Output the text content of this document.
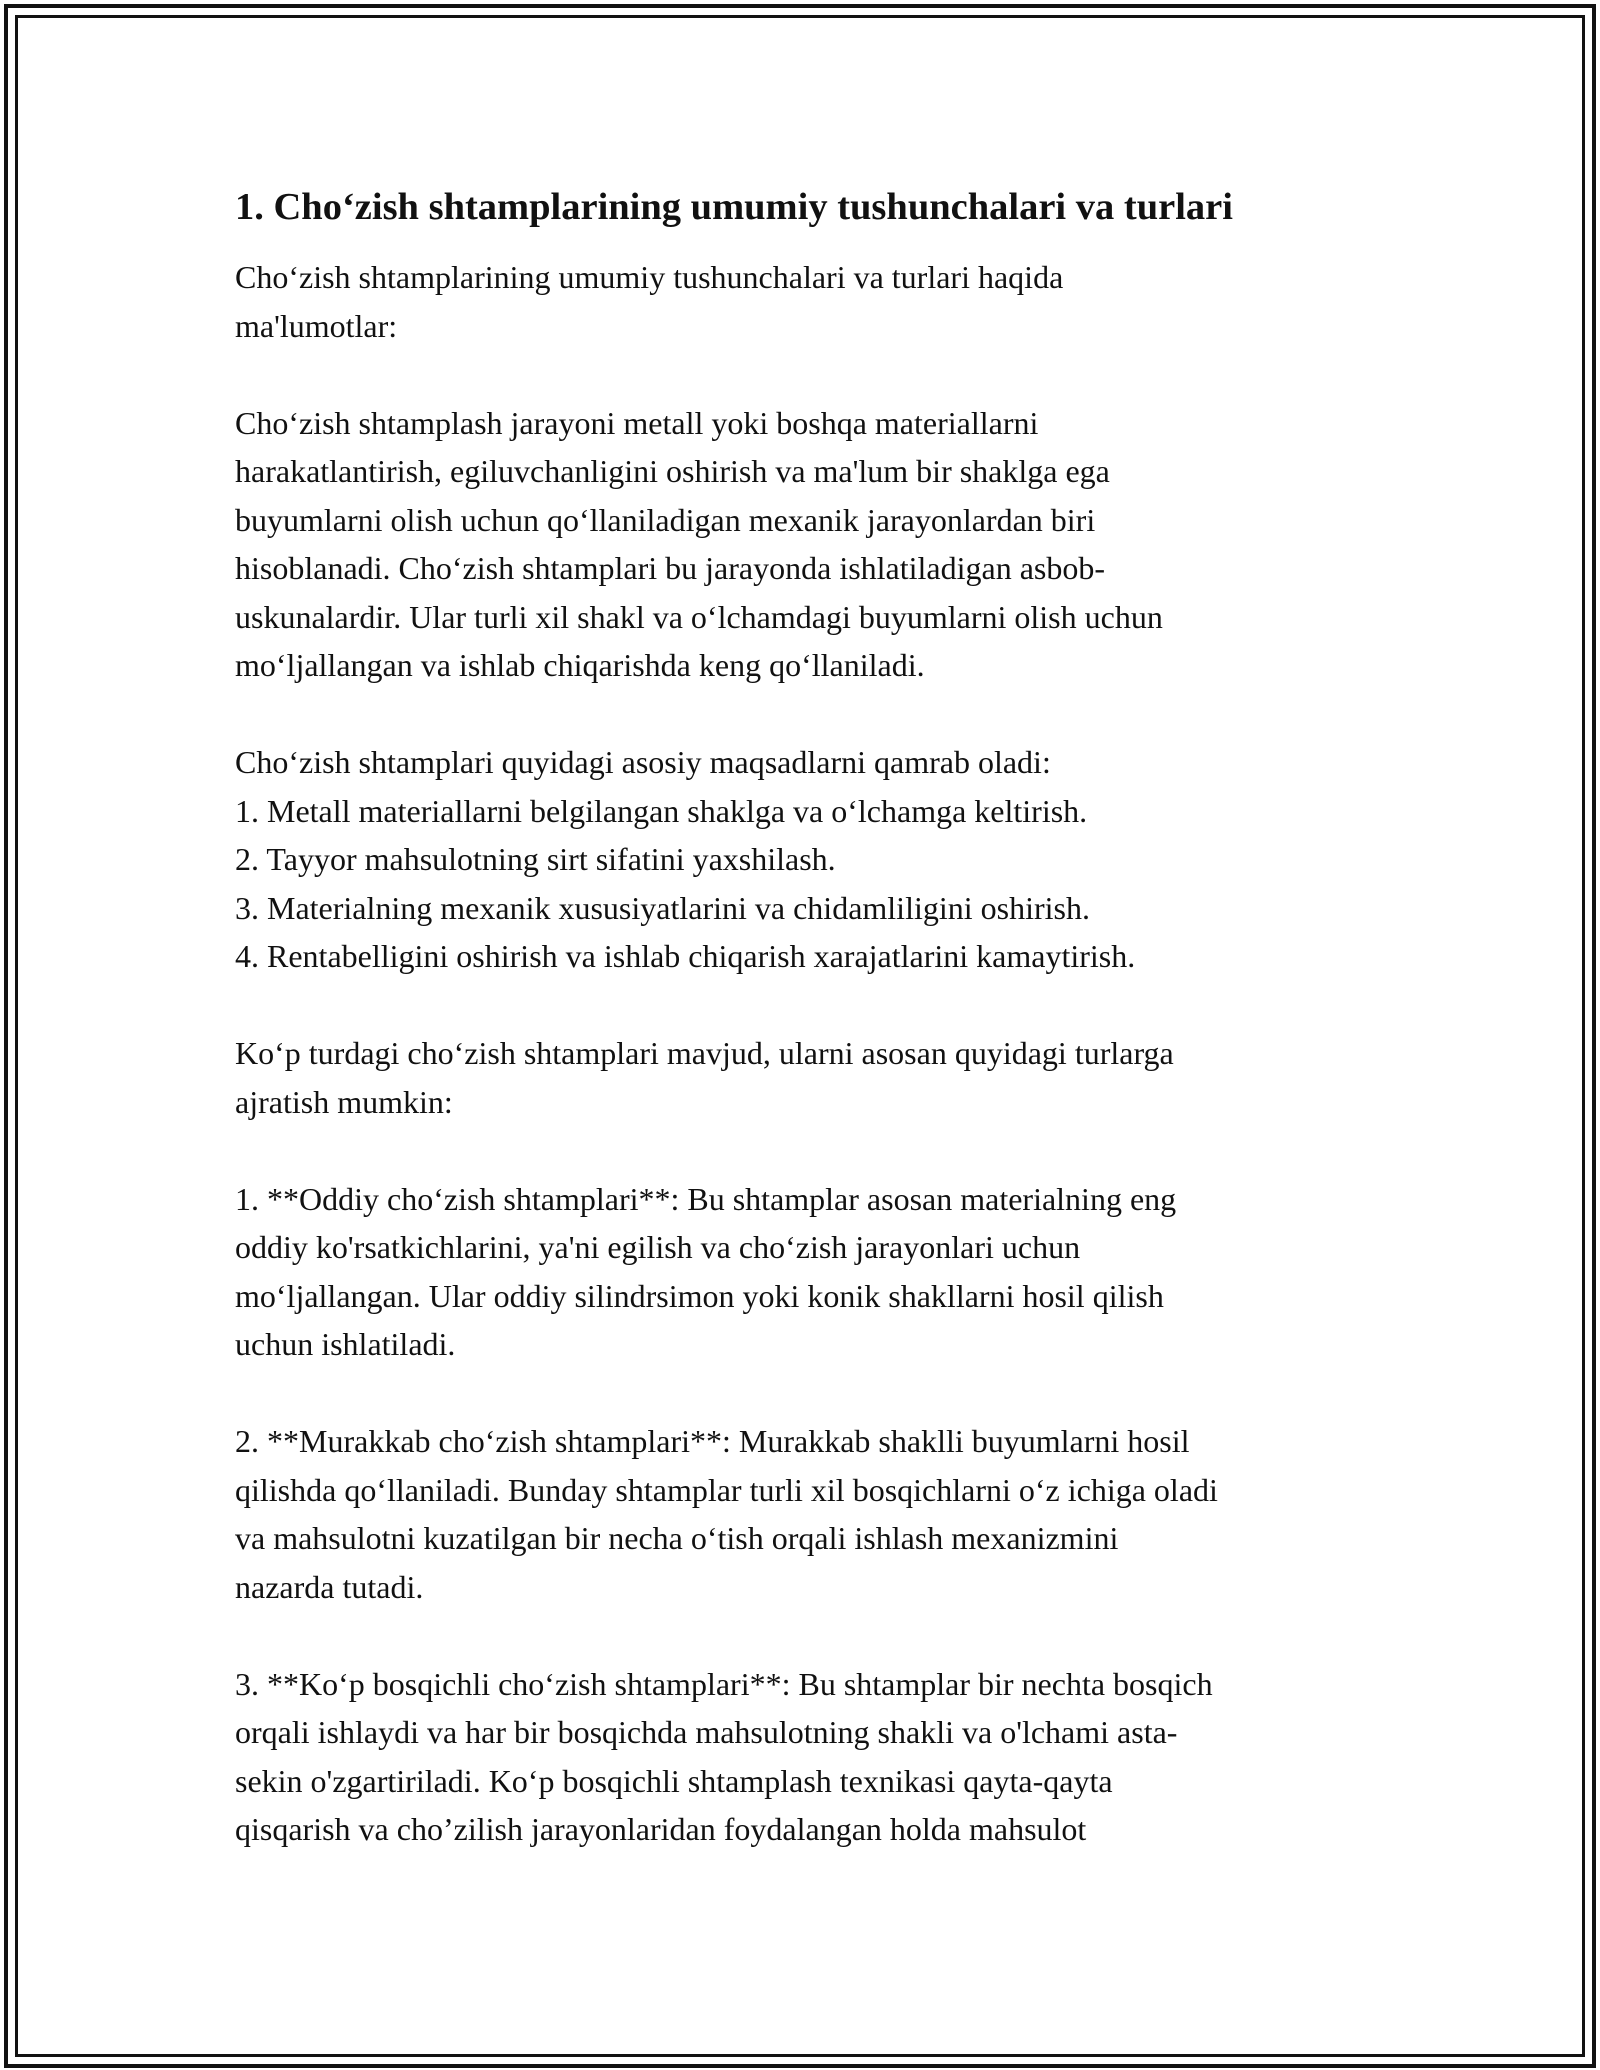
1. Cho‘zish shtamplarining umumiy tushunchalari va turlari

Cho‘zish shtamplarining umumiy tushunchalari va turlari haqida
ma'lumotlar:

Cho‘zish shtamplash jarayoni metall yoki boshqa materiallarni
harakatlantirish, egiluvchanligini oshirish va ma'lum bir shaklga ega
buyumlarni olish uchun qo‘llaniladigan mexanik jarayonlardan biri
hisoblanadi. Cho‘zish shtamplari bu jarayonda ishlatiladigan asbob-
uskunalardir. Ular turli xil shakl va o‘lchamdagi buyumlarni olish uchun
mo‘ljallangan va ishlab chiqarishda keng qo‘llaniladi.

Cho‘zish shtamplari quyidagi asosiy maqsadlarni qamrab oladi:
1. Metall materiallarni belgilangan shaklga va o‘lchamga keltirish.
2. Tayyor mahsulotning sirt sifatini yaxshilash.
3. Materialning mexanik xususiyatlarini va chidamliligini oshirish.
4. Rentabelligini oshirish va ishlab chiqarish xarajatlarini kamaytirish.

Ko‘p turdagi cho‘zish shtamplari mavjud, ularni asosan quyidagi turlarga
ajratish mumkin:

1. **Oddiy cho‘zish shtamplari**: Bu shtamplar asosan materialning eng
oddiy ko'rsatkichlarini, ya'ni egilish va cho‘zish jarayonlari uchun
mo‘ljallangan. Ular oddiy silindrsimon yoki konik shakllarni hosil qilish
uchun ishlatiladi.

2. **Murakkab cho‘zish shtamplari**: Murakkab shaklli buyumlarni hosil
qilishda qo‘llaniladi. Bunday shtamplar turli xil bosqichlarni o‘z ichiga oladi
va mahsulotni kuzatilgan bir necha o‘tish orqali ishlash mexanizmini
nazarda tutadi.

3. **Ko‘p bosqichli cho‘zish shtamplari**: Bu shtamplar bir nechta bosqich
orqali ishlaydi va har bir bosqichda mahsulotning shakli va o'lchami asta-
sekin o'zgartiriladi. Ko‘p bosqichli shtamplash texnikasi qayta-qayta
qisqarish va cho’zilish jarayonlaridan foydalangan holda mahsulot
